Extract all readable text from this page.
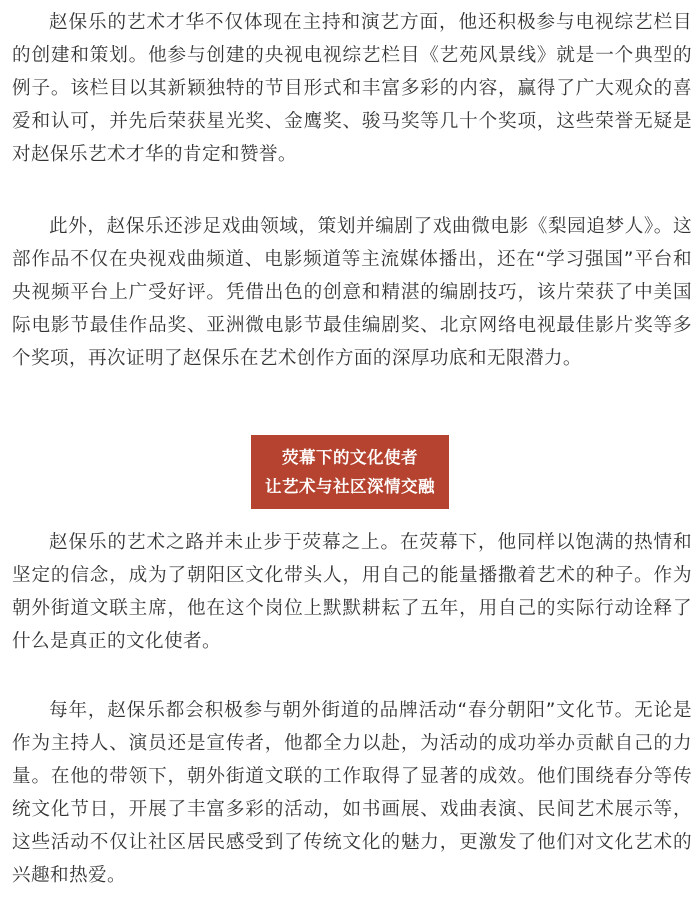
赵保乐的艺术才华不仅体现在主持和演艺方面，他还积极参与电视综艺栏目的创建和策划。他参与创建的央视电视综艺栏目《艺苑风景线》就是一个典型的例子。该栏目以其新颖独特的节目形式和丰富多彩的内容，赢得了广大观众的喜爱和认可，并先后荣获星光奖、金鹰奖、骏马奖等几十个奖项，这些荣誉无疑是对赵保乐艺术才华的肯定和赞誉。

此外，赵保乐还涉足戏曲领域，策划并编剧了戏曲微电影《梨园追梦人》。这部作品不仅在央视戏曲频道、电影频道等主流媒体播出，还在“学习强国”平台和央视频平台上广受好评。凭借出色的创意和精湛的编剧技巧，该片荣获了中美国际电影节最佳作品奖、亚洲微电影节最佳编剧奖、北京网络电视最佳影片奖等多个奖项，再次证明了赵保乐在艺术创作方面的深厚功底和无限潜力。

荧幕下的文化使者
让艺术与社区深情交融

赵保乐的艺术之路并未止步于荧幕之上。在荧幕下，他同样以饱满的热情和坚定的信念，成为了朝阳区文化带头人，用自己的能量播撒着艺术的种子。作为朝外街道文联主席，他在这个岗位上默默耕耘了五年，用自己的实际行动诠释了什么是真正的文化使者。

每年，赵保乐都会积极参与朝外街道的品牌活动“春分朝阳”文化节。无论是作为主持人、演员还是宣传者，他都全力以赴，为活动的成功举办贡献自己的力量。在他的带领下，朝外街道文联的工作取得了显著的成效。他们围绕春分等传统文化节日，开展了丰富多彩的活动，如书画展、戏曲表演、民间艺术展示等，这些活动不仅让社区居民感受到了传统文化的魅力，更激发了他们对文化艺术的兴趣和热爱。
